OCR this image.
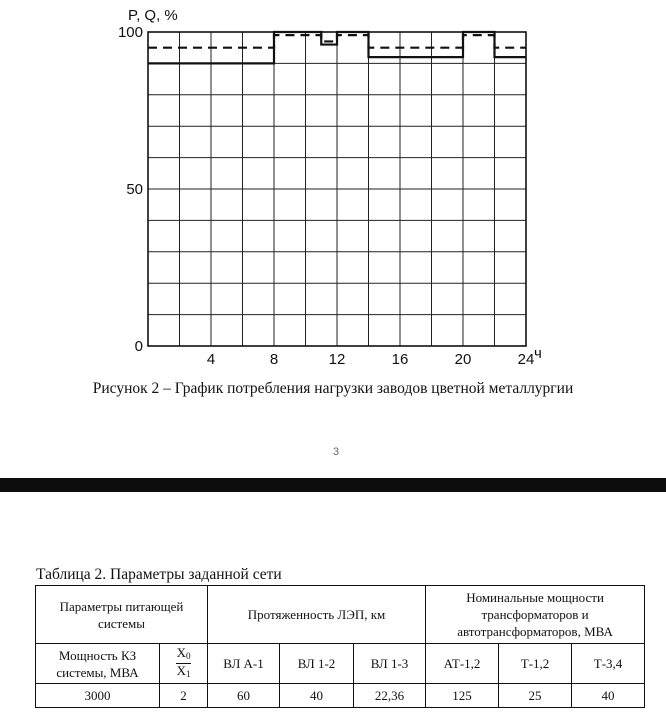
4	8	12	16	20	24
0
50
100
P, Q, %
ч
Рисунок 2 – График потребления нагрузки заводов цветной металлургии
3
Таблица 2. Параметры заданной сети
Параметры питающей системы		Протяженность ЛЭП, км			Номинальные мощности трансформаторов и автотрансформаторов, МВА		
Мощность КЗ системы, МВА	$\frac{X_0}{X_1}$	ВЛ А-1	ВЛ 1-2	ВЛ 1-3	АТ-1,2	Т-1,2	Т-3,4
3000	2	60	40	22,36	125	25	40
